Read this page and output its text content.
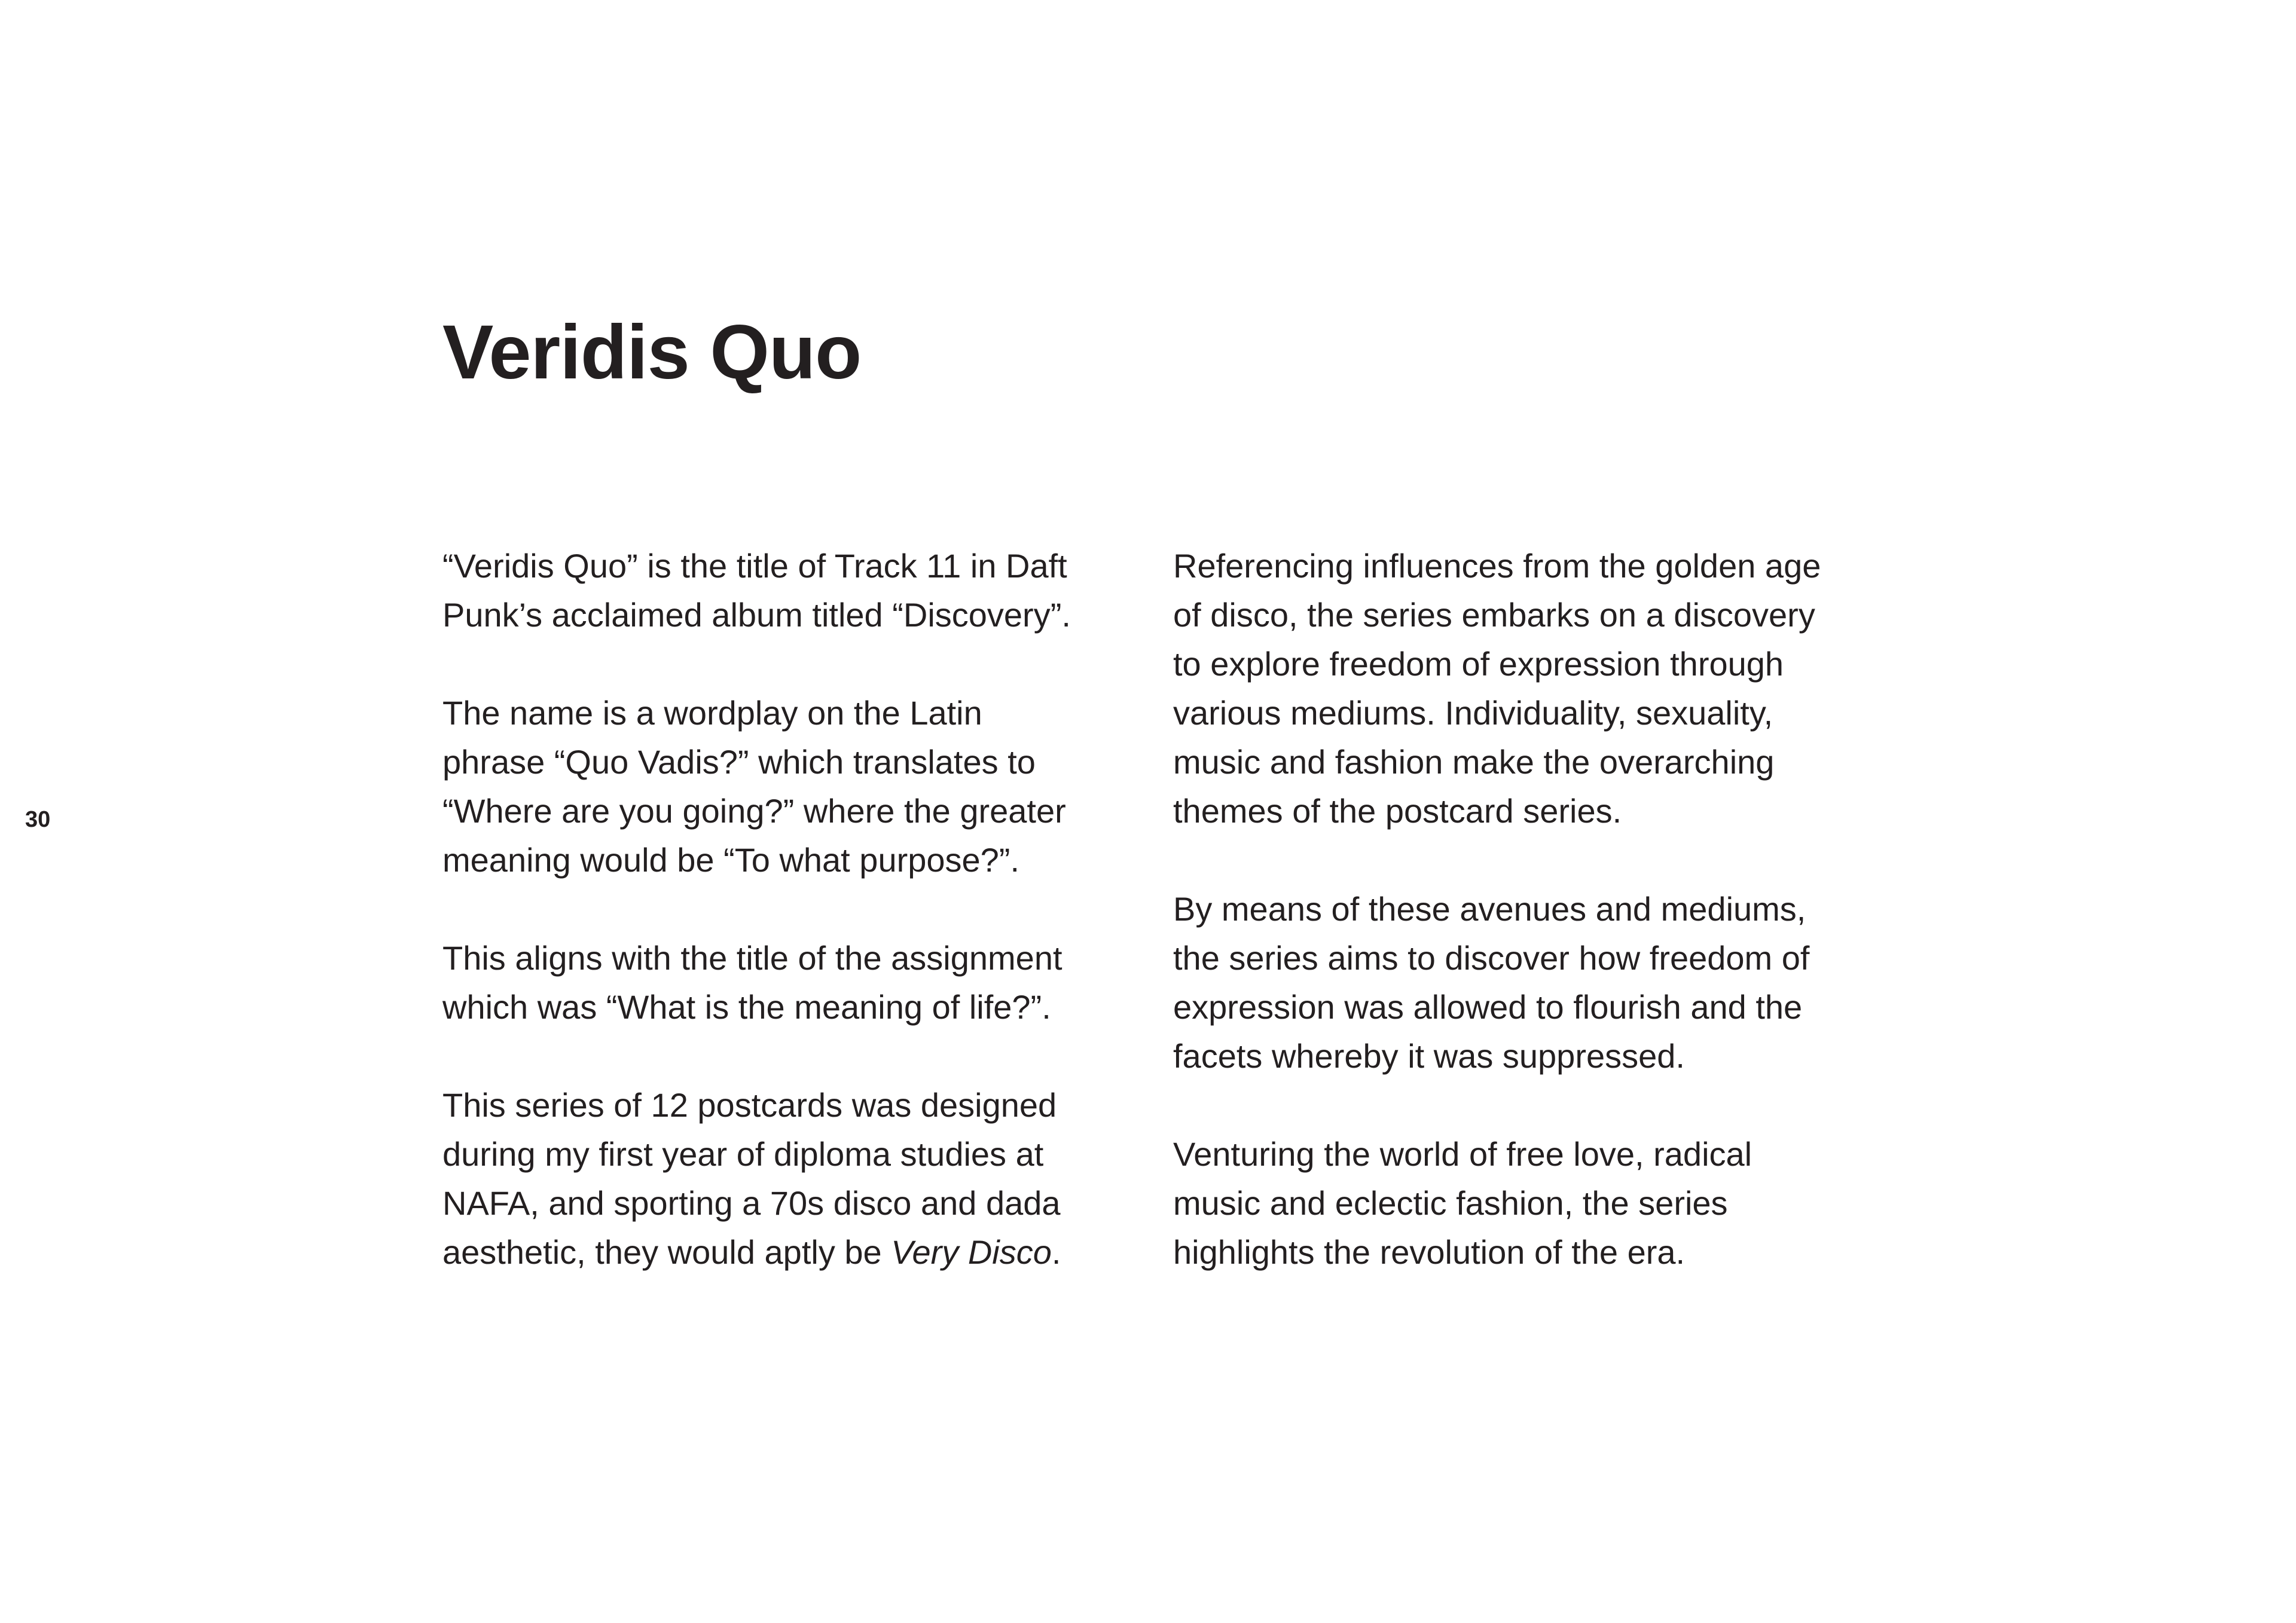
30
Veridis Quo

“Veridis Quo” is the title of Track 11 in Daft
Punk’s acclaimed album titled “Discovery”.

The name is a wordplay on the Latin
phrase “Quo Vadis?” which translates to
“Where are you going?” where the greater
meaning would be “To what purpose?”.

This aligns with the title of the assignment
which was “What is the meaning of life?”.

This series of 12 postcards was designed
during my first year of diploma studies at
NAFA, and sporting a 70s disco and dada
aesthetic, they would aptly be Very Disco.

Referencing influences from the golden age
of disco, the series embarks on a discovery
to explore freedom of expression through
various mediums. Individuality, sexuality,
music and fashion make the overarching
themes of the postcard series.

By means of these avenues and mediums,
the series aims to discover how freedom of
expression was allowed to flourish and the
facets whereby it was suppressed.

Venturing the world of free love, radical
music and eclectic fashion, the series
highlights the revolution of the era.
